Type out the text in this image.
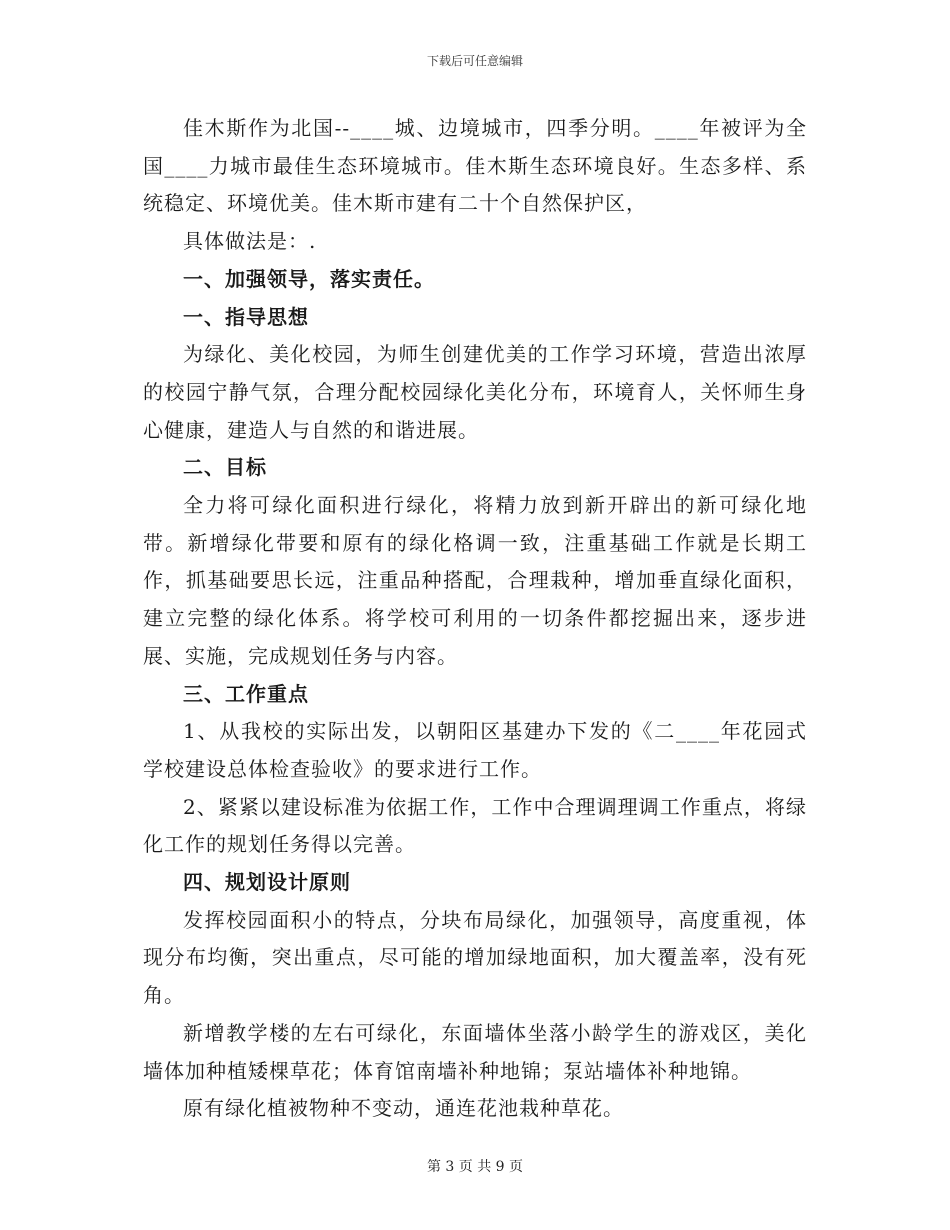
下载后可任意编辑

佳木斯作为北国--____城、边境城市，四季分明。____年被评为全国____力城市最佳生态环境城市。佳木斯生态环境良好。生态多样、系统稳定、环境优美。佳木斯市建有二十个自然保护区，

具体做法是：.

一、加强领导，落实责任。

一、指导思想

为绿化、美化校园，为师生创建优美的工作学习环境，营造出浓厚的校园宁静气氛，合理分配校园绿化美化分布，环境育人，关怀师生身心健康，建造人与自然的和谐进展。

二、目标

全力将可绿化面积进行绿化，将精力放到新开辟出的新可绿化地带。新增绿化带要和原有的绿化格调一致，注重基础工作就是长期工作，抓基础要思长远，注重品种搭配，合理栽种，增加垂直绿化面积，建立完整的绿化体系。将学校可利用的一切条件都挖掘出来，逐步进展、实施，完成规划任务与内容。

三、工作重点

1、从我校的实际出发，以朝阳区基建办下发的《二____年花园式学校建设总体检查验收》的要求进行工作。

2、紧紧以建设标准为依据工作，工作中合理调理调工作重点，将绿化工作的规划任务得以完善。

四、规划设计原则

发挥校园面积小的特点，分块布局绿化，加强领导，高度重视，体现分布均衡，突出重点，尽可能的增加绿地面积，加大覆盖率，没有死角。

新增教学楼的左右可绿化，东面墙体坐落小龄学生的游戏区，美化墙体加种植矮棵草花；体育馆南墙补种地锦；泵站墙体补种地锦。

原有绿化植被物种不变动，通连花池栽种草花。

第 3 页 共 9 页
